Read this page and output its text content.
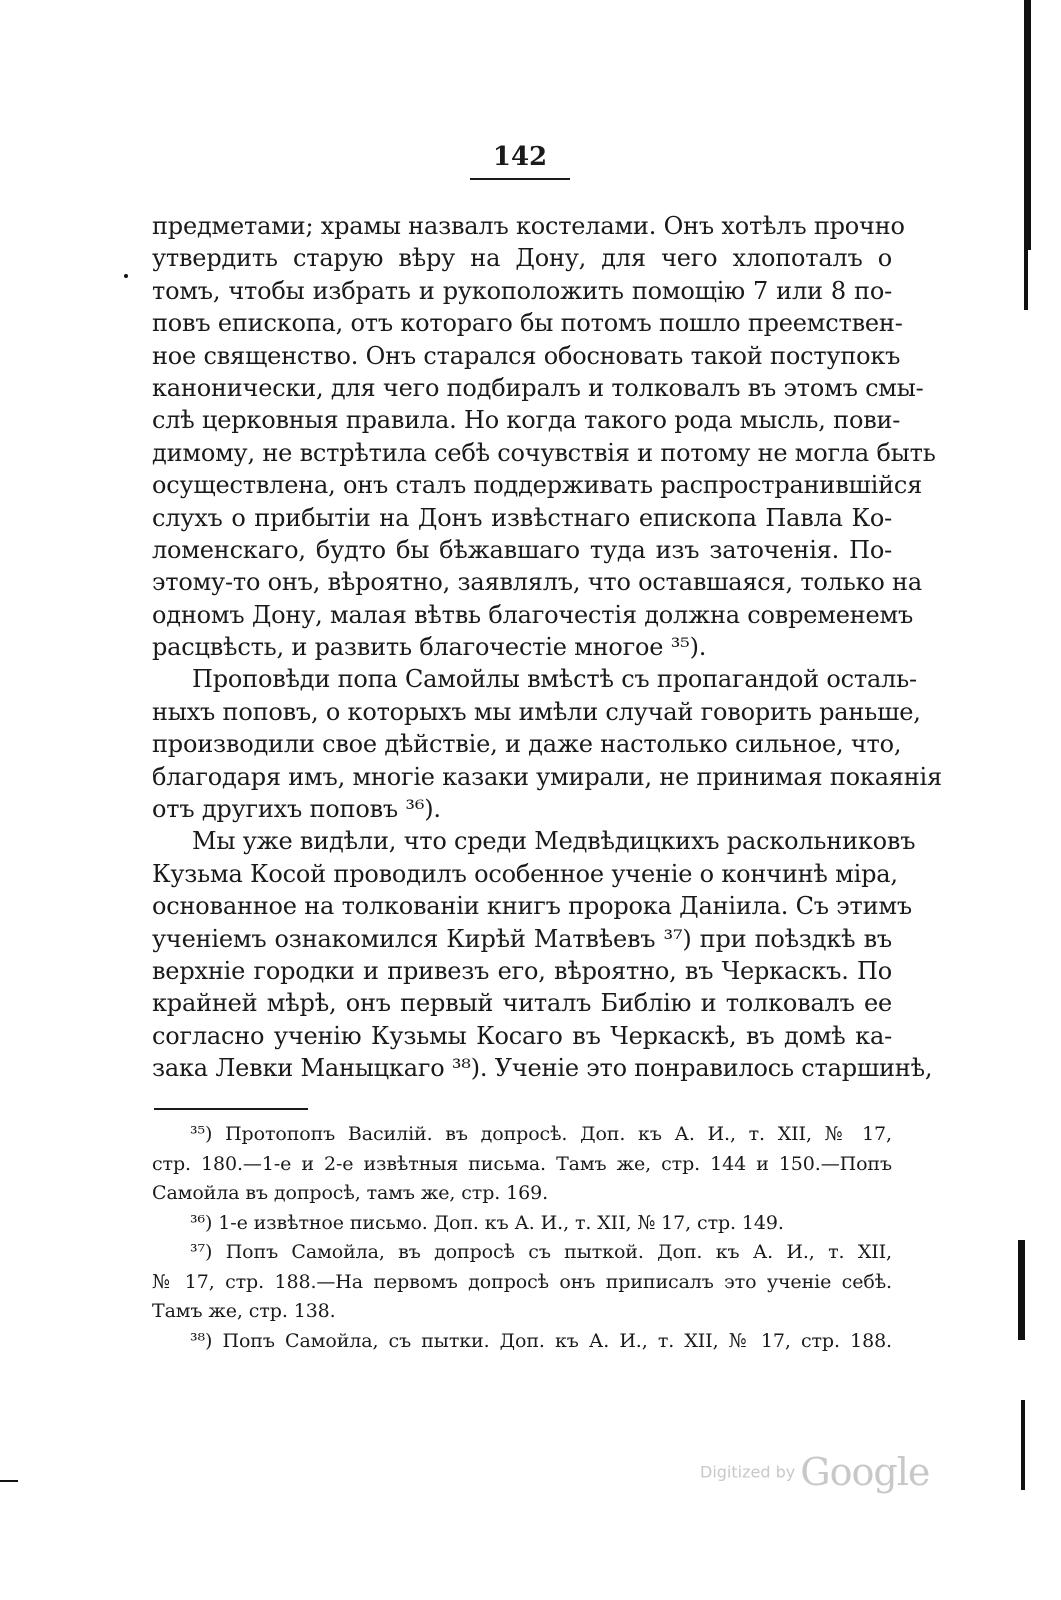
142
предметами; храмы назвалъ костелами. Онъ хотѣлъ прочно
утвердить старую вѣру на Дону, для чего хлопоталъ о
томъ, чтобы избрать и рукоположить помощію 7 или 8 по-
повъ епископа, отъ котораго бы потомъ пошло преемствен-
ное священство. Онъ старался обосновать такой поступокъ
канонически, для чего подбиралъ и толковалъ въ этомъ смы-
слѣ церковныя правила. Но когда такого рода мысль, пови-
димому, не встрѣтила себѣ сочувствія и потому не могла быть
осуществлена, онъ сталъ поддерживать распространившійся
слухъ о прибытіи на Донъ извѣстнаго епископа Павла Ко-
ломенскаго, будто бы бѣжавшаго туда изъ заточенія. По-
этому-то онъ, вѣроятно, заявлялъ, что оставшаяся, только на
одномъ Дону, малая вѣтвь благочестія должна современемъ
расцвѣсть, и развить благочестіе многое ³⁵).
Проповѣди попа Самойлы вмѣстѣ съ пропагандой осталь-
ныхъ поповъ, о которыхъ мы имѣли случай говорить раньше,
производили свое дѣйствіе, и даже настолько сильное, что,
благодаря имъ, многіе казаки умирали, не принимая покаянія
отъ другихъ поповъ ³⁶).
Мы уже видѣли, что среди Медвѣдицкихъ раскольниковъ
Кузьма Косой проводилъ особенное ученіе о кончинѣ міра,
основанное на толкованіи книгъ пророка Даніила. Съ этимъ
ученіемъ ознакомился Кирѣй Матвѣевъ ³⁷) при поѣздкѣ въ
верхніе городки и привезъ его, вѣроятно, въ Черкаскъ. По
крайней мѣрѣ, онъ первый читалъ Библію и толковалъ ее
согласно ученію Кузьмы Косаго въ Черкаскѣ, въ домѣ ка-
зака Левки Маныцкаго ³⁸). Ученіе это понравилось старшинѣ,
³⁵) Протопопъ Василій. въ допросѣ. Доп. къ А. И., т. XII, № 17,
стр. 180.—1-е и 2-е извѣтныя письма. Тамъ же, стр. 144 и 150.—Попъ
Самойла въ допросѣ, тамъ же, стр. 169.
³⁶) 1-е извѣтное письмо. Доп. къ А. И., т. XII, № 17, стр. 149.
³⁷) Попъ Самойла, въ допросѣ съ пыткой. Доп. къ А. И., т. XII,
№ 17, стр. 188.—На первомъ допросѣ онъ приписалъ это ученіе себѣ.
Тамъ же, стр. 138.
³⁸) Попъ Самойла, съ пытки. Доп. къ А. И., т. XII, № 17, стр. 188.
Digitized by Google
